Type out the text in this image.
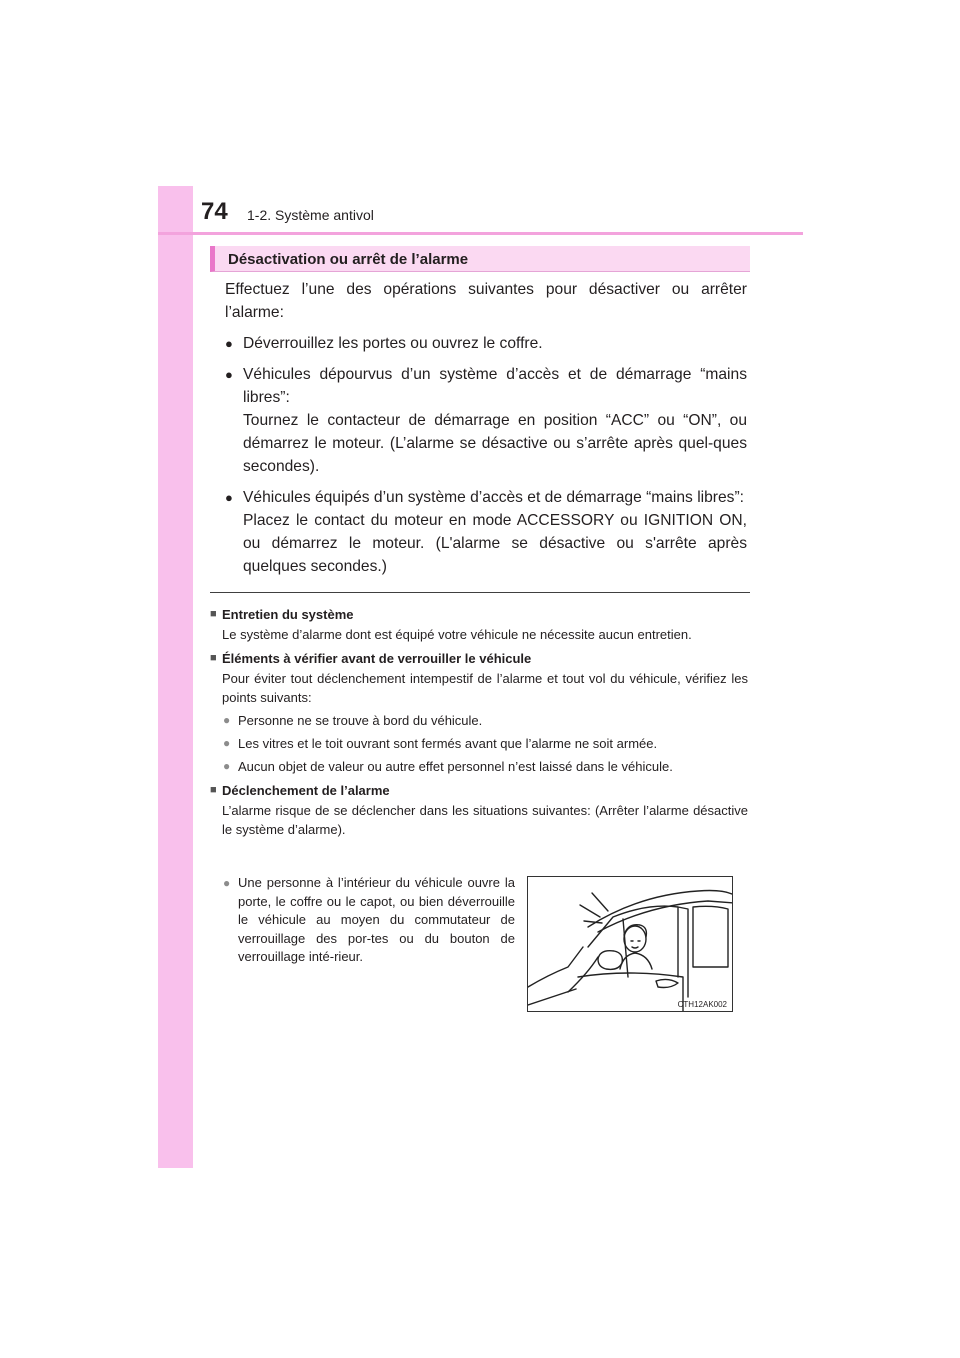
74 1-2. Système antivol
Désactivation ou arrêt de l’alarme

Effectuez l’une des opérations suivantes pour désactiver ou arrêter l’alarme:

● Déverrouillez les portes ou ouvrez le coffre.
● Véhicules dépourvus d’un système d’accès et de démarrage “mains libres”:
Tournez le contacteur de démarrage en position “ACC” ou “ON”, ou démarrez le moteur. (L’alarme se désactive ou s’arrête après quel-ques secondes).
● Véhicules équipés d’un système d’accès et de démarrage “mains libres”:
Placez le contact du moteur en mode ACCESSORY ou IGNITION ON, ou démarrez le moteur. (L'alarme se désactive ou s'arrête après quelques secondes.)
■ Entretien du système
Le système d’alarme dont est équipé votre véhicule ne nécessite aucun entretien.
■ Éléments à vérifier avant de verrouiller le véhicule
Pour éviter tout déclenchement intempestif de l’alarme et tout vol du véhicule, vérifiez les points suivants:
● Personne ne se trouve à bord du véhicule.
● Les vitres et le toit ouvrant sont fermés avant que l’alarme ne soit armée.
● Aucun objet de valeur ou autre effet personnel n’est laissé dans le véhicule.
■ Déclenchement de l’alarme
L’alarme risque de se déclencher dans les situations suivantes: (Arrêter l’alarme désactive le système d’alarme).
● Une personne à l’intérieur du véhicule ouvre la porte, le coffre ou le capot, ou bien déverrouille le véhicule au moyen du commutateur de verrouillage des por-tes ou du bouton de verrouillage inté-rieur.
CTH12AK002
